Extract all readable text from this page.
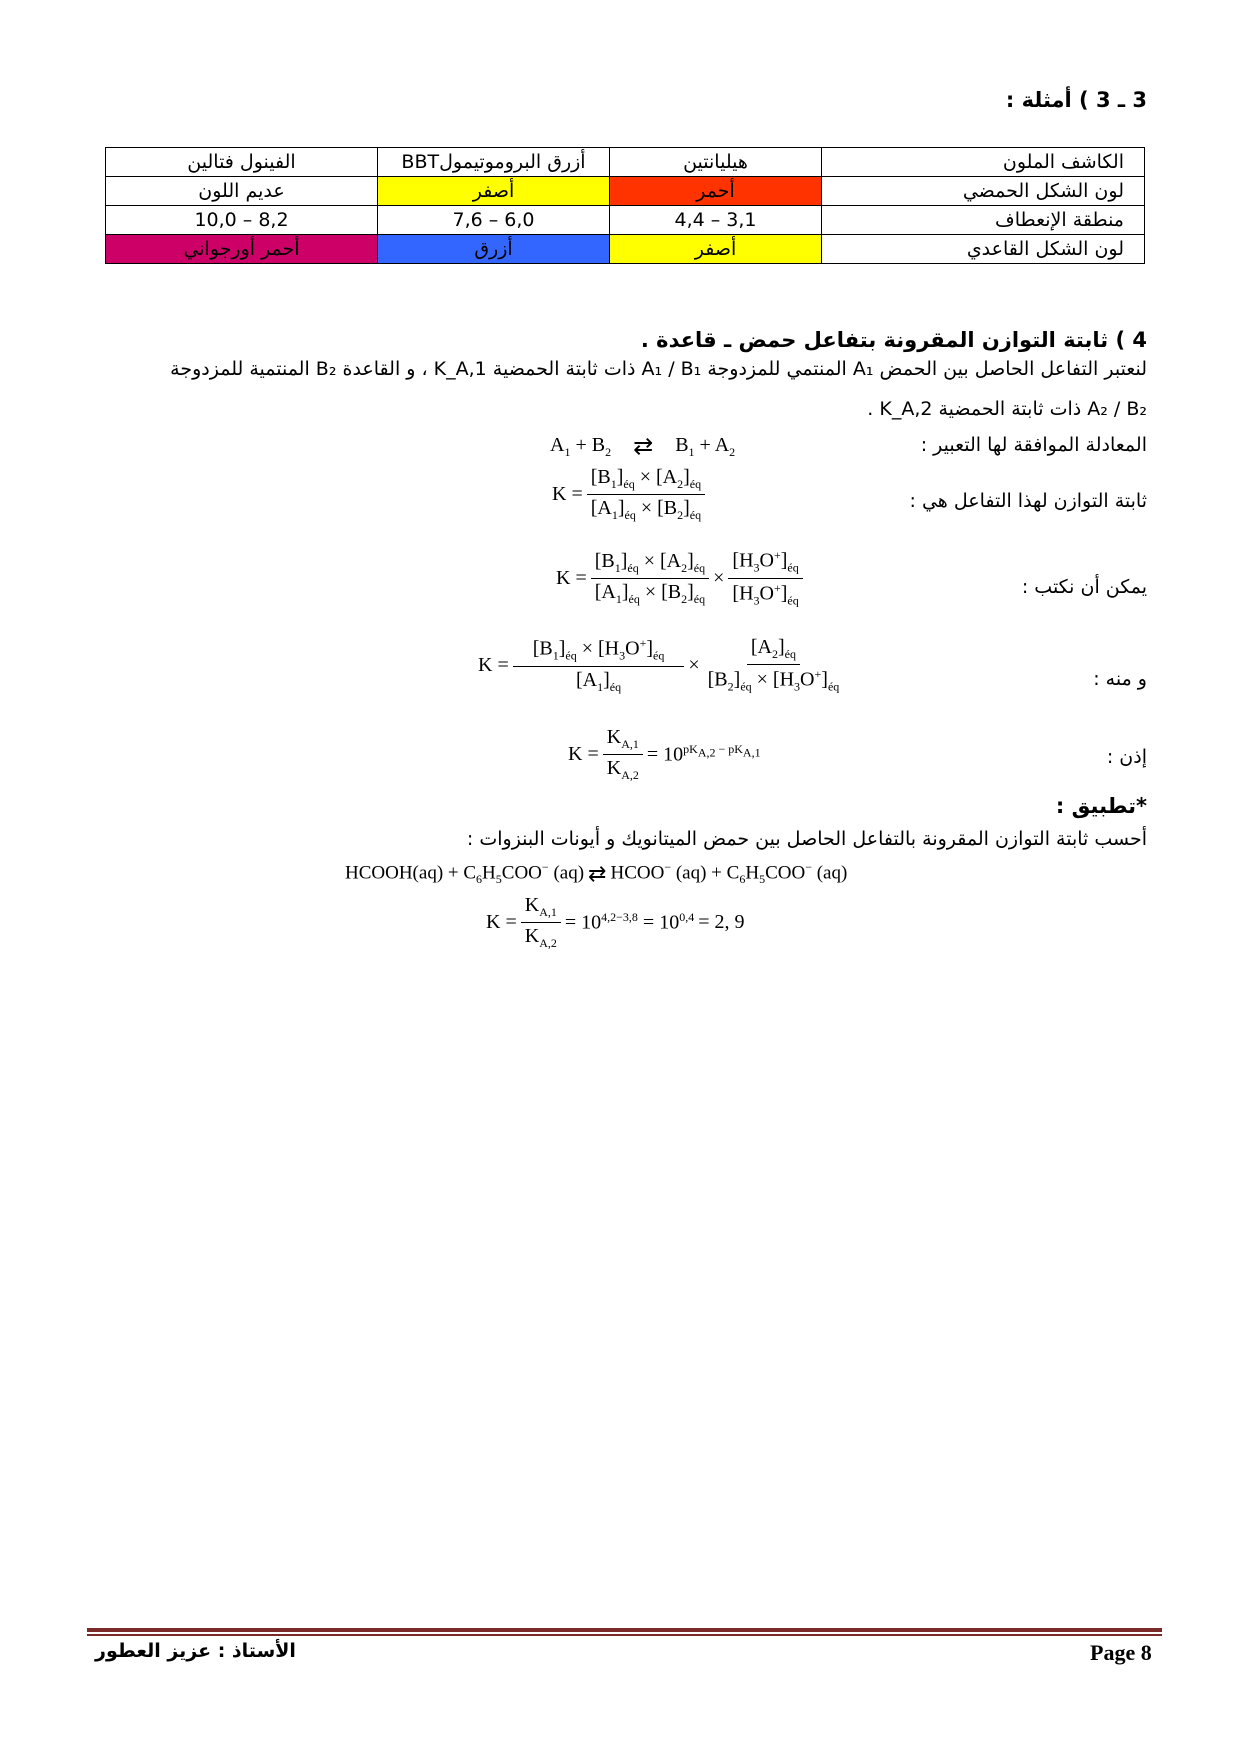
3 ـ 3 ) أمثلة :
الكاشف الملون	هيليانتين	أزرق البروموتيمولBBT	الفينول فتالين
لون الشكل الحمضي	أحمر	أصفر	عديم اللون
منطقة الإنعطاف	3,1 – 4,4	6,0 – 7,6	8,2 – 10,0
لون الشكل القاعدي	أصفر	أزرق	أحمر أورجواني
4 ) ثابتة التوازن المقرونة بتفاعل حمض ـ قاعدة .
لنعتبر التفاعل الحاصل بين الحمض A₁ المنتمي للمزدوجة A₁ / B₁ ذات ثابتة الحمضية K_A,1 ، و القاعدة B₂ المنتمية للمزدوجة
A₂ / B₂ ذات ثابتة الحمضية K_A,2 .
المعادلة الموافقة لها التعبير :
$A_1 + B_2$ ⇄ $B_1 + A_2$
ثابتة التوازن لهذا التفاعل هي :
$K = \frac{[B_1]_{éq} \times [A_2]_{éq}}{[A_1]_{éq} \times [B_2]_{éq}}$
يمكن أن نكتب :
$K = \frac{[B_1]_{éq} \times [A_2]_{éq}}{[A_1]_{éq} \times [B_2]_{éq}} \times \frac{[H_3O^+]_{éq}}{[H_3O^+]_{éq}}$
و منه :
$K = \frac{[B_1]_{éq} \times [H_3O^+]_{éq}}{[A_1]_{éq}} \times \frac{[A_2]_{éq}}{[B_2]_{éq} \times [H_3O^+]_{éq}}$
إذن :
$K = \frac{K_{A,1}}{K_{A,2}} = 10^{pK_{A,2} - pK_{A,1}}$
*تطبيق :
أحسب ثابتة التوازن المقرونة بالتفاعل الحاصل بين حمض الميتانويك و أيونات البنزوات :
HCOOH(aq) + $C_6H_5COO^-$ (aq) ⇄ HCOO− $(aq) + C_6H_5COO^-$ (aq)
$K = \frac{K_{A,1}}{K_{A,2}} = 10^{4,2-3,8} = 10^{0,4} = 2$, 9
Page 8
الأستاذ : عزيز العطور
